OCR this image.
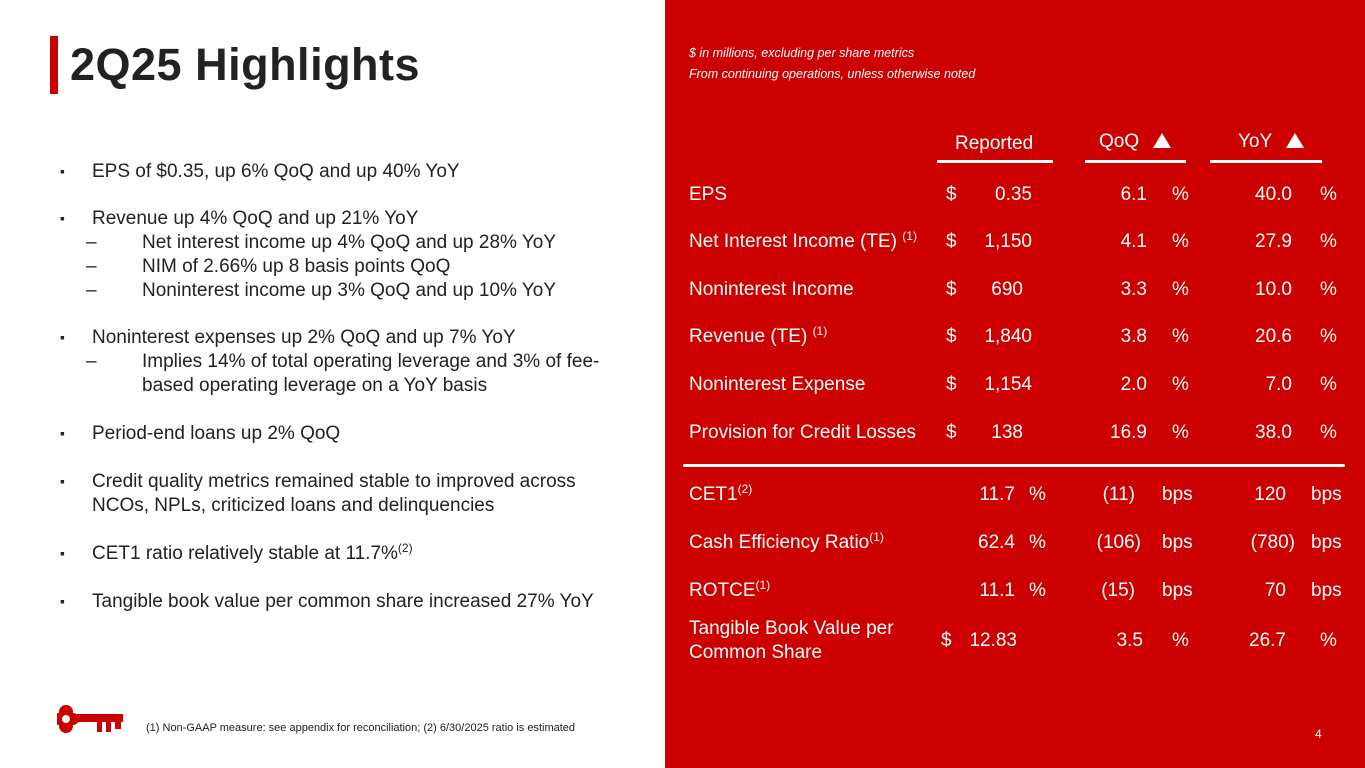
2Q25 Highlights
▪ EPS of $0.35, up 6% QoQ and up 40% YoY
▪ Revenue up 4% QoQ and up 21% YoY
– Net interest income up 4% QoQ and up 28% YoY
– NIM of 2.66% up 8 basis points QoQ
– Noninterest income up 3% QoQ and up 10% YoY
▪ Noninterest expenses up 2% QoQ and up 7% YoY
– Implies 14% of total operating leverage and 3% of fee-based operating leverage on a YoY basis
▪ Period-end loans up 2% QoQ
▪ Credit quality metrics remained stable to improved across NCOs, NPLs, criticized loans and delinquencies
▪ CET1 ratio relatively stable at 11.7%$^{(2)}$
▪ Tangible book value per common share increased 27% YoY
(1) Non-GAAP measure: see appendix for reconciliation; (2) 6/30/2025 ratio is estimated
$ in millions, excluding per share metrics
From continuing operations, unless otherwise noted
Reported	QoQ	YoY
EPS	$	0.35	6.1 %	40.0 %
Net Interest Income (TE) $^{(1)}$ $	1,150	4.1 %	27.9 %
Noninterest Income	$	690	3.3 %	10.0 %
Revenue (TE) $^{(1)}$	$	1,840	3.8 %	20.6 %
Noninterest Expense	$	1,154	2.0 %	7.0 %
Provision for Credit Losses $	138	16.9 %	38.0 %
CET1$^{(2)}$	11.7 %	(11) bps	120 bps
Cash Efficiency Ratio$^{(1)}$	62.4 %	(106) bps	(780) bps
ROTCE$^{(1)}$	11.1 %	(15) bps	70 bps
Tangible Book Value per
Common Share
$ 12.83	3.5 %	26.7 %
4
